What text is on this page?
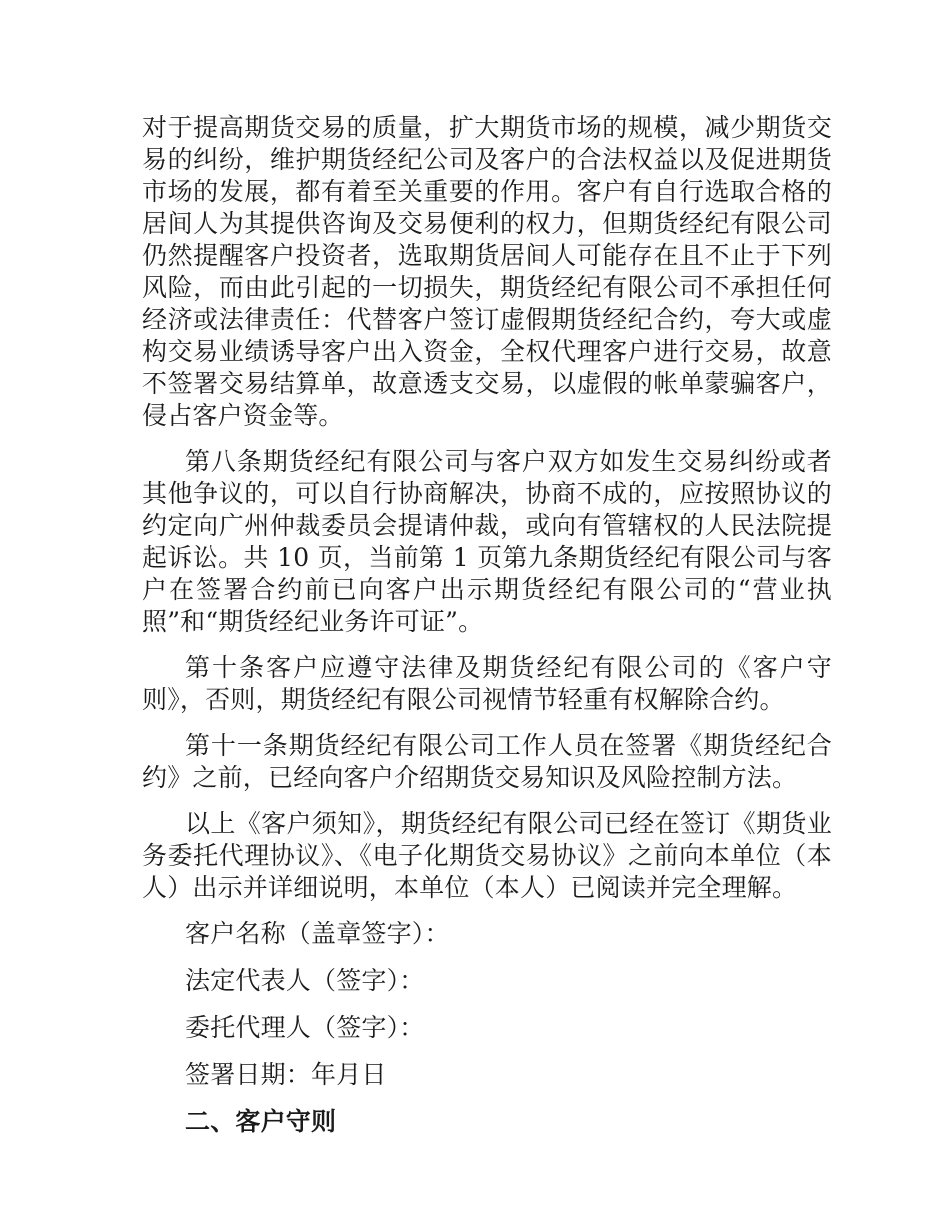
对于提高期货交易的质量，扩大期货市场的规模，减少期货交易的纠纷，维护期货经纪公司及客户的合法权益以及促进期货市场的发展，都有着至关重要的作用。客户有自行选取合格的居间人为其提供咨询及交易便利的权力，但期货经纪有限公司仍然提醒客户投资者，选取期货居间人可能存在且不止于下列风险，而由此引起的一切损失，期货经纪有限公司不承担任何经济或法律责任：代替客户签订虚假期货经纪合约，夸大或虚构交易业绩诱导客户出入资金，全权代理客户进行交易，故意不签署交易结算单，故意透支交易，以虚假的帐单蒙骗客户，侵占客户资金等。

第八条期货经纪有限公司与客户双方如发生交易纠纷或者其他争议的，可以自行协商解决，协商不成的，应按照协议的约定向广州仲裁委员会提请仲裁，或向有管辖权的人民法院提起诉讼。共 10 页，当前第 1 页第九条期货经纪有限公司与客户在签署合约前已向客户出示期货经纪有限公司的“营业执照”和“期货经纪业务许可证”。

第十条客户应遵守法律及期货经纪有限公司的《客户守则》，否则，期货经纪有限公司视情节轻重有权解除合约。

第十一条期货经纪有限公司工作人员在签署《期货经纪合约》之前，已经向客户介绍期货交易知识及风险控制方法。

以上《客户须知》，期货经纪有限公司已经在签订《期货业务委托代理协议》、《电子化期货交易协议》之前向本单位（本人）出示并详细说明，本单位（本人）已阅读并完全理解。

客户名称（盖章签字）：
法定代表人（签字）：
委托代理人（签字）：
签署日期：年月日
二、客户守则
